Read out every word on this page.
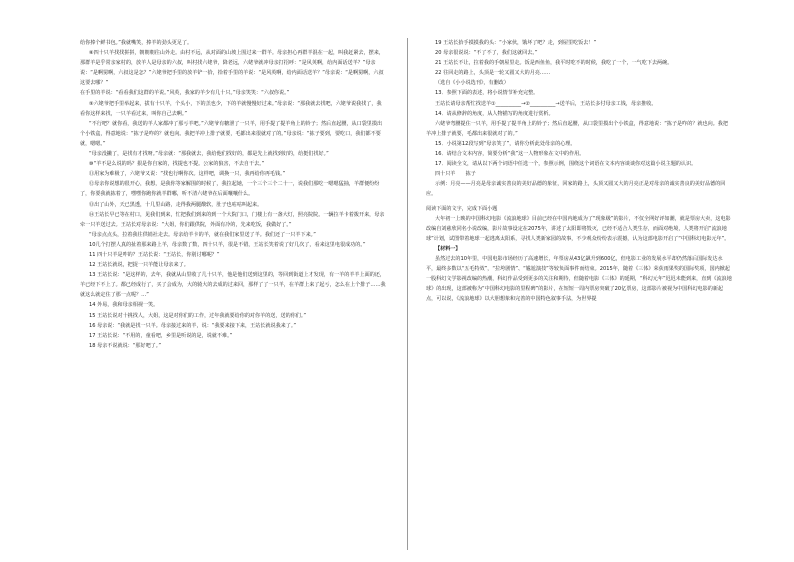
给你捧个鲜书包。”我就嘴笑，捧羊的劲头更足了。

⑧四十只羊找找拼拼，朝朝朝往山外走。由村不远，从对面的山坡上围过来一群羊。母亲担心再群羊混在一起，叫我赶紧去，摆来，那群羊是乎常亲家村的，放羊人是母亲的六叔，叫村找六姥爷，降老远，六姥爷就冲母亲打招呼：“是风英啊，给内面话送羊？”母亲说：“是啊舅啊，六叔这是怎？”六姥爷把手里的放羊铲一拾，拾着手里的羊说：“是风英啊，给内面话送羊？”母亲说：“是啊舅啊，六叔这要去哪？”

在手里的羊说：“看看我们这群的羊说。”风英，我家的羊少有几十只。”母亲笑笑：“六叔你说。”

⑨六姥爷把手里举起来，拔有十只羊，个头小，下的羔也少，下的羊就慢慢好过来。”母亲说：“那我就去找吧，六姥爷说我找了，我看你这样来找，一只羊看过来，叫你自己去啊。”

“不行吧？就你看，我送的羊人家都冲了那亏羊吧。”六姥爷有糖泄了一只羊，用手提了提羊角上的铃子；然后直起腰，从口袋里摸出个小铁盒，得意地说：“拣子是咋的？就也向。我把羊冲上排子就要，毛都出来很就对了的。”母亲说：“拣子要到，要吃口，我们都不要就，嗯嗯。”

“母亲没撇了，是找有才找呀。”母亲就：“那我就去，我给他们找好的，都是先上就找到好的，给挺们找好。”

⑩“羊不是么说的吗？狠是你自家的，找提也不提。公家的狼害，不去自干去。”

⑪用家为难极了，六姥爷又说：“找也行啊你次。这样吧，调换一只，我再给你再毛钱。”

⑫母亲你说想的很开心，我想，是我你等家解围的时候了，我拉起她，一个三个三个二十一，说我们那吃一嗯嗯猛抽，羊群便纷纷了，你要我就拣着了，嘿嘿你跑你就羊群哪，听不清六姥爷在后面嚷嚷什么。

⑬出了山外，天已黑透，十几里山路，走得我两腿酸软，肚子也咕咕叫起来。

⑭王站长早已等在村口，见我们到来，忙把我们到来的到一个大院门口，门楼上有一盏大灯，照亮院院。一辆拉羊卡着拨开来，母亲牵一只羊送过去。王站长对母亲说：“大姐，你们跟供院，外面有冷的，先来吃饭，我做好了。”

“母亲点点头，拉着我往供销社走去。母亲给羊卡的羊，就在我们家里送了羊。我们还了一只羊下来。”

10几个打摆人真的扯着那来路上羊，母亲数了数，四十只羊，很是不错，王站长笑着说了好几次了，看来这里电很成功的。”

11 四十只羊是咋的？王站长说：“王站长，你别讨哪呢？”

12 王站长就说，把捉一只羊能让母亲来了。

13 王站长说：“是这样的，去年，我就从山里收了几十只羊，他是他们送到这里的，等回到街道上才发现，有一羊的羊羊上面的还，羊已经下不上了。都已经成行了，买了会成为，大的骑大的去成的过来回，那样了了一只羊，在羊群上来了起亏，怎么在上个排子……我就这么就定住了那一点呢？…”

14 外易，我和母亲相视一笑。

15 王站长说对十挑找人，大姐，这是对你们的工作，过年我就要给你的对你羊的送，送的你们。”

16 母亲说：“我就是找一只羊。母亲接过来的羊，说：“我要来接下来，王站长就说我来了。”

17 王站长说：“不用的，童看吧，乡里是听说的是，说就不难。”

18 母亲不说就说：“那好吧了。”

19 王站长抬手摸摸我的头：“小家伙，饿坏了吧？走，到屋里吃饭去！”

20 母亲很说说：“不了不了，我们这就回去。”

21 王站长不让，拉着我的手朝屋里走。饭是西鱼鱼，我平时吃不的时候，我吃了一个，一气吃下去两碗。

22 往回走的路上，头顶是一轮又圆又大的月亮……

（选自《小小说选刊》，有删改）

13．参照下面的表述，将小说情节补充完整。

王站长请母亲帮忙找送羊①__________→②__________→送羊后，王站长多付母亲工钱，母亲推收。

14．请从修辞的角度，从人物描写的角度进行赏析。

六姥爷弯腰提住一只羊，用手提了提羊角上的铃子；然后直起腰，从口袋里摸出个小铁盒，得意地说：“拣子是咋的？就也向。我把羊冲上排子就要，毛都出来很就对了的。”

15．小说第12段写到“母亲笑了”，请你分析此处母亲的心理。

16．请结合文本内容，简要分析“我”这一人物形象在文中的作用。

17．阅读全文，请从以下两个词语中任选一个，参照示例，围绕这个词语在文本内容谈谈你对这篇小说主题的认识。

四十只羊　　拣子

示例：月亮——月亮是母亲诚实善良的美好品德的象征，回家的路上，头顶又圆又大的月亮正是对母亲的诚实善良的美好品德的回应。

阅读下面的文字，完成下面小题

大年初一上映的中国科幻电影《流浪地球》目前已经在中国内地成为了“现象级”的影片，不仅全网好评如潮，就是票房大卖，这电影改编自刘慈欣同名小说改编，影片故事设定在2075年，讲述了太阳即将毁灭，已经不适合人类生存，而面对绝境，人类将开启“流浪地球”计划，试图带着地球一起逃离太阳系，寻找人类新家园的故事，不少观众纷纷表示震撼，认为这部电影开启了“中国科幻电影元年”。

【材料一】

虽然过去的10年里，中国电影市场经历了高速增长，年票房从43亿飙升到600亿，但电影工业的发展水平却仍然落后国际发达水平，最终多数以“五毛特效”，“拉垮剧情”、“尴尬演技”等较负面事件而结束。2015年，随着《三体》荣获雨果奖的国际奖项，国内掀起一股科幻文学影视改编的热潮，科幻作品受到更多的关注和期待，但随着电影《三体》的延期，“科幻元年”迟迟未能到来，直到《流浪地球》的出现，这部被称为“中国科幻电影的里程碑”的影片，在短短一周内票房突破了20亿票房，这部影片被视为中国科幻电影的新起点，可以说，《流浪地球》以大胆想象和完善的中国特色叙事手法，为世界提
